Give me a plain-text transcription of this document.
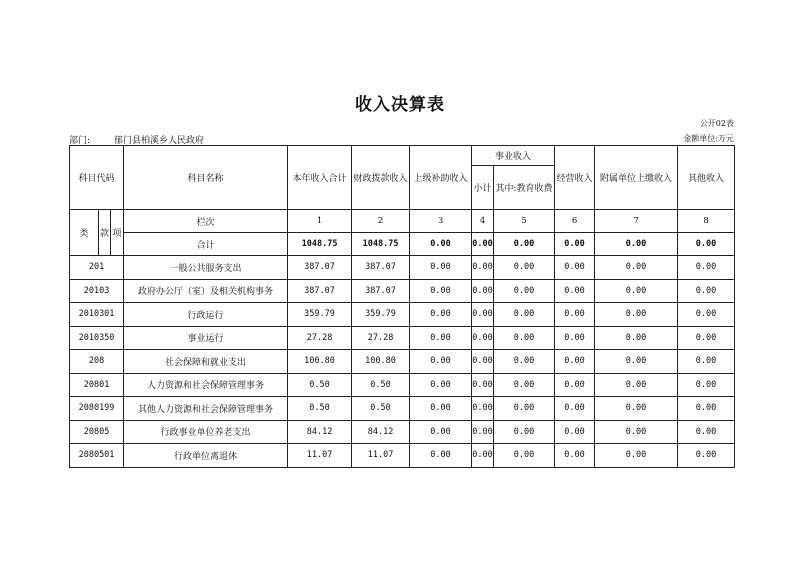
收入决算表
公开02表
部门:	郁门县柏溪乡人民政府	金额单位:万元
科目代码			科目名称	本年收入合计	财政拨款收入	上级补助收入	事业收入		经营收入	附属单位上缴收入	其他收入
							小计	其中:教育收费			
类	款	项	栏次	1	2	3	4	5	6	7	8
			合计	1048.75	1048.75	0.00	0.00	0.00	0.00	0.00	0.00
201			一般公共服务支出	387.07	387.07	0.00	0.00	0.00	0.00	0.00	0.00
20103			政府办公厅（室）及相关机构事务	387.07	387.07	0.00	0.00	0.00	0.00	0.00	0.00
2010301			行政运行	359.79	359.79	0.00	0.00	0.00	0.00	0.00	0.00
2010350			事业运行	27.28	27.28	0.00	0.00	0.00	0.00	0.00	0.00
208			社会保障和就业支出	100.80	100.80	0.00	0.00	0.00	0.00	0.00	0.00
20801			人力资源和社会保障管理事务	0.50	0.50	0.00	0.00	0.00	0.00	0.00	0.00
2080199			其他人力资源和社会保障管理事务	0.50	0.50	0.00	0.00	0.00	0.00	0.00	0.00
20805			行政事业单位养老支出	84.12	84.12	0.00	0.00	0.00	0.00	0.00	0.00
2080501			行政单位离退休	11.07	11.07	0.00	0.00	0.00	0.00	0.00	0.00
